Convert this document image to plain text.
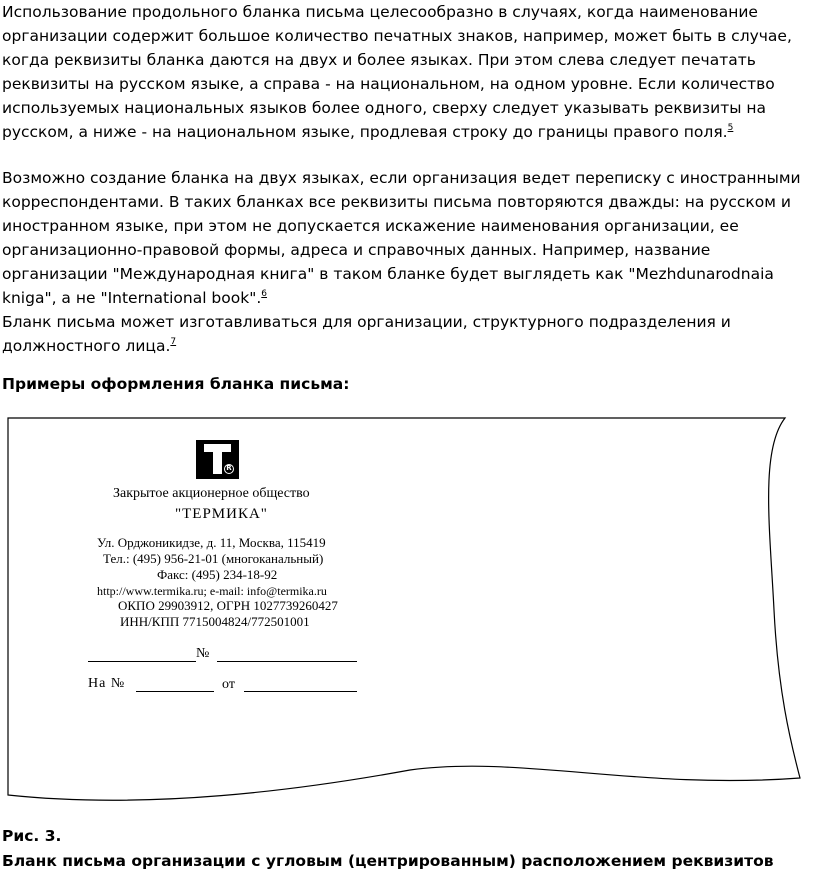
Использование продольного бланка письма целесообразно в случаях, когда наименование организации содержит большое количество печатных знаков, например, может быть в случае, когда реквизиты бланка даются на двух и более языках. При этом слева следует печатать реквизиты на русском языке, а справа - на национальном, на одном уровне. Если количество используемых национальных языков более одного, сверху следует указывать реквизиты на русском, а ниже - на национальном языке, продлевая строку до границы правого поля.$^5$

Возможно создание бланка на двух языках, если организация ведет переписку с иностранными корреспондентами. В таких бланках все реквизиты письма повторяются дважды: на русском и иностранном языке, при этом не допускается искажение наименования организации, ее организационно-правовой формы, адреса и справочных данных. Например, название организации "Международная книга" в таком бланке будет выглядеть как "Mezhdunarodnaia kniga", а не "International book".$^6$

Бланк письма может изготавливаться для организации, структурного подразделения и должностного лица.$^7$

Примеры оформления бланка письма:

R
Закрытое акционерное общество
"ТЕРМИКА"
Ул. Орджоникидзе, д. 11, Москва, 115419
Тел.: (495) 956-21-01 (многоканальный)
Факс: (495) 234-18-92
http://www.termika.ru; e-mail: info@termika.ru
ОКПО 29903912, ОГРН 1027739260427
ИНН/КПП 7715004824/772501001
№
На №	от

Рис. 3.

Бланк письма организации с угловым (центрированным) расположением реквизитов
